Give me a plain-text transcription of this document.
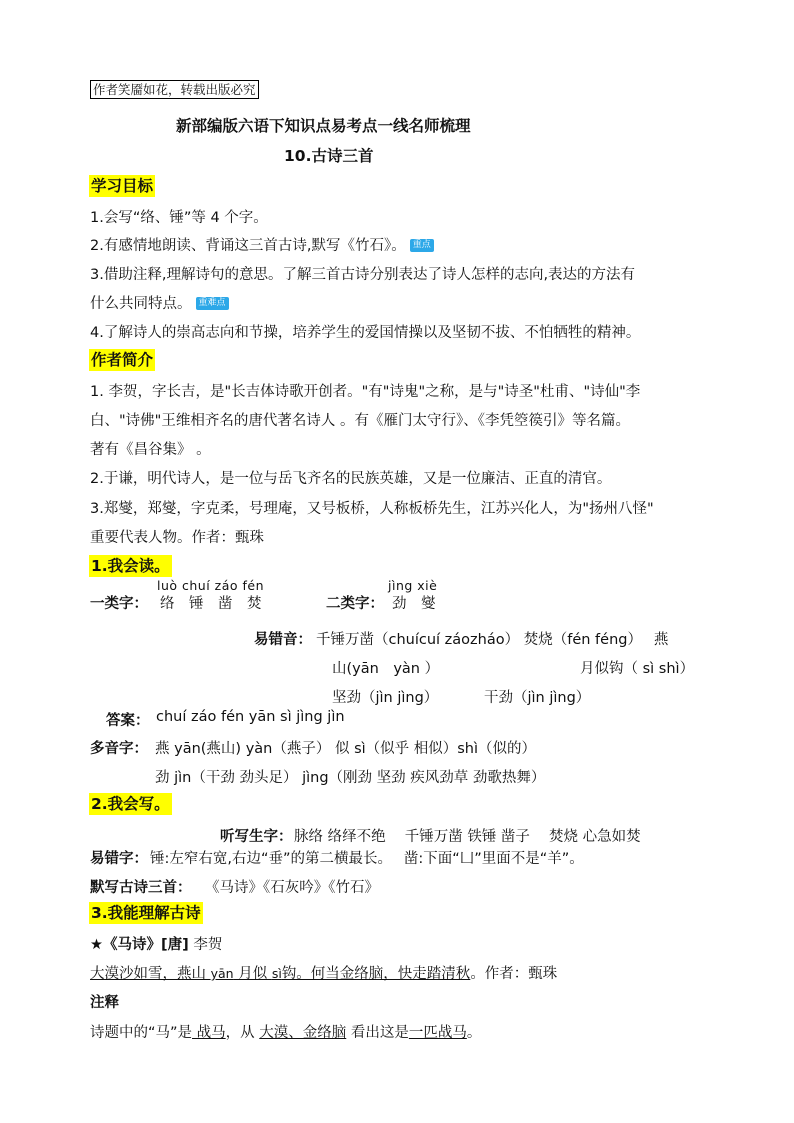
作者笑靥如花，转载出版必究
新部编版六语下知识点易考点一线名师梳理
10.古诗三首
学习目标
1.会写“络、锤”等 4 个字。
2.有感情地朗读、背诵这三首古诗,默写《竹石》。 重点
3.借助注释,理解诗句的意思。了解三首古诗分别表达了诗人怎样的志向,表达的方法有
什么共同特点。 重难点
4.了解诗人的崇高志向和节操，培养学生的爱国情操以及坚韧不拔、不怕牺牲的精神。
作者简介
1. 李贺，字长吉，是"长吉体诗歌开创者。"有"诗鬼"之称，是与"诗圣"杜甫、"诗仙"李
白、"诗佛"王维相齐名的唐代著名诗人 。有《雁门太守行》、《李凭箜篌引》等名篇。
著有《昌谷集》 。
2.于谦，明代诗人，是一位与岳飞齐名的民族英雄，又是一位廉洁、正直的清官。
3.郑燮，郑燮，字克柔，号理庵，又号板桥，人称板桥先生，江苏兴化人，为"扬州八怪"
重要代表人物。作者：甄珠
1.我会读。
luò chuí záo fén	jìng xiè
一类字： 络　锤　凿　焚	二类字： 劲　燮
易错音： 千锤万凿（chuícuí záozháo） 焚烧（fén féng）　 燕
山(yān　yàn ）	月似钩（ sì shì）
坚劲（jìn jìng）	干劲（jìn jìng）
答案： chuí záo fén yān sì jìng jìn
多音字： 燕 yān(燕山) yàn（燕子） 似 sì（似乎 相似）shì（似的）
劲 jìn（干劲 劲头足） jìng（刚劲 坚劲 疾风劲草 劲歌热舞）
2.我会写。
听写生字： 脉络 络绎不绝　 千锤万凿 铁锤 凿子　 焚烧 心急如焚
易错字： 锤:左窄右宽,右边“垂”的第二横最长。　 凿:下面“凵”里面不是“羊”。
默写古诗三首： 《马诗》《石灰吟》《竹石》
3.我能理解古诗
★《马诗》[唐] 李贺
大漠沙如雪，燕山 yān 月似 sì钩。何当金络脑，快走踏清秋。作者：甄珠
注释
诗题中的“马”是 战马，从 大漠、金络脑 看出这是一匹战马。
